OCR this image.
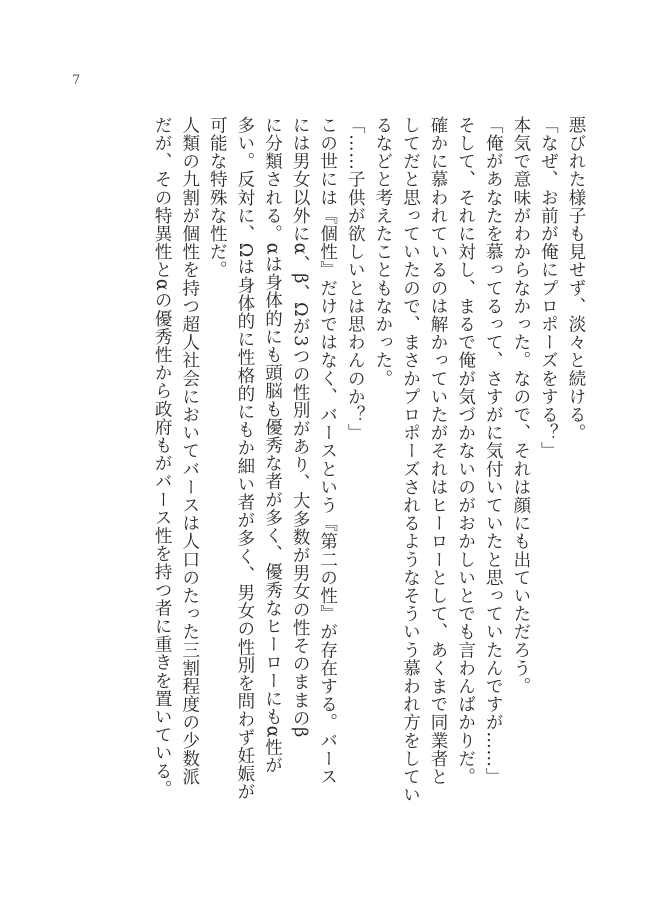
7
悪びれた様子も見せず、淡々と続ける。
「なぜ、お前が俺にプロポーズをする？」
本気で意味がわからなかった。なので、それは顔にも出ていただろう。
「俺があなたを慕ってるって、さすがに気付いていたと思っていたんですが……」
そして、それに対し、まるで俺が気づかないのがおかしいとでも言わんばかりだ。
確かに慕われているのは解かっていたがそれはヒーローとして、あくまで同業者と
してだと思っていたので、まさかプロポーズされるようなそういう慕われ方をしてい
るなどと考えたこともなかった。
「……子供が欲しいとは思わんのか？」
この世には『個性』だけではなく、バースという『第二の性』が存在する。バース
には男女以外にα、β、Ωが3つの性別があり、大多数が男女の性そのままのβ
に分類される。αは身体的にも頭脳も優秀な者が多く、優秀なヒーローにもα性が
多い。反対に、Ωは身体的に性格的にもか細い者が多く、男女の性別を問わず妊娠が
可能な特殊な性だ。
人類の九割が個性を持つ超人社会においてバースは人口のたった三割程度の少数派
だが、その特異性とαの優秀性から政府もがバース性を持つ者に重きを置いている。
